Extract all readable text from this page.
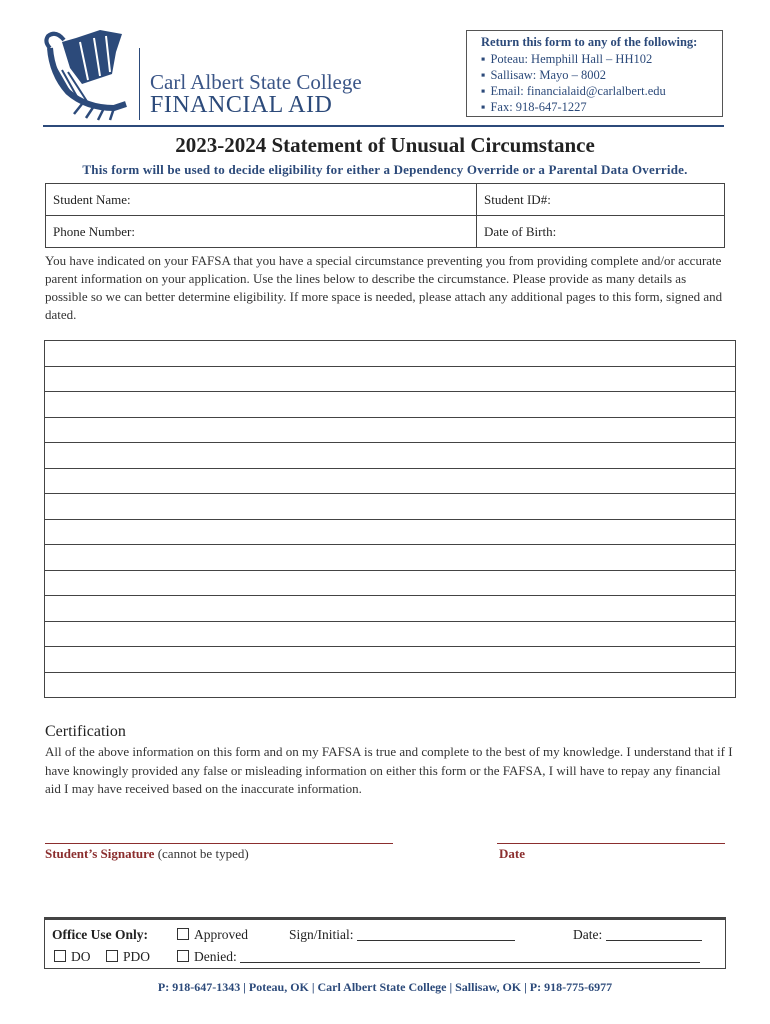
Carl Albert State College
FINANCIAL AID
Return this form to any of the following:
▪ Poteau: Hemphill Hall – HH102
▪ Sallisaw: Mayo – 8002
▪ Email: financialaid@carlalbert.edu
▪ Fax: 918-647-1227
2023-2024 Statement of Unusual Circumstance
This form will be used to decide eligibility for either a Dependency Override or a Parental Data Override.
Student Name:	Student ID#:
Phone Number:	Date of Birth:

You have indicated on your FAFSA that you have a special circumstance preventing you from providing complete and/or accurate parent information on your application. Use the lines below to describe the circumstance. Please provide as many details as possible so we can better determine eligibility. If more space is needed, please attach any additional pages to this form, signed and dated.

Certification

All of the above information on this form and on my FAFSA is true and complete to the best of my knowledge. I understand that if I have knowingly provided any false or misleading information on either this form or the FAFSA, I will have to repay any financial aid I may have received based on the inaccurate information.

Student’s Signature (cannot be typed)	Date
Office Use Only:	Approved	Sign/Initial:	Date:
DO	PDO	Denied:
P: 918-647-1343 | Poteau, OK | Carl Albert State College | Sallisaw, OK | P: 918-775-6977
